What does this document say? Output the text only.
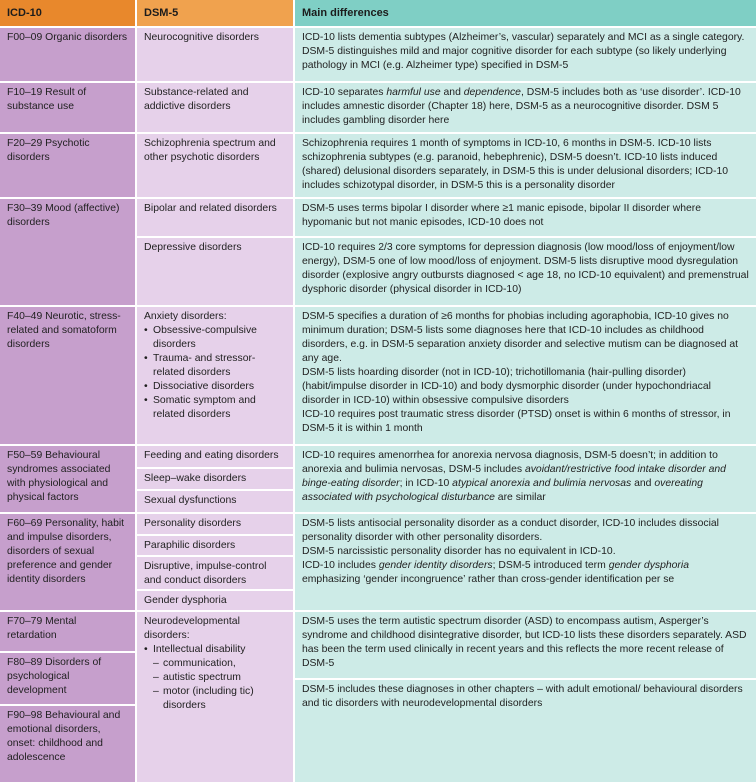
ICD-10	DSM-5	Main differences

F00–09 Organic disorders

F10–19 Result of substance use

F20–29 Psychotic disorders

F30–39 Mood (affective) disorders

F40–49 Neurotic, stress-related and somatoform disorders

F50–59 Behavioural syndromes associated with physiological and physical factors

F60–69 Personality, habit and impulse disorders, disorders of sexual preference and gender identity disorders

F70–79 Mental retardation

F80–89 Disorders of psychological development

F90–98 Behavioural and emotional disorders, onset: childhood and adolescence

Neurocognitive disorders

Substance-related and addictive disorders

Schizophrenia spectrum and other psychotic disorders

Bipolar and related disorders

Depressive disorders

Anxiety disorders:

• Obsessive-compulsive disorders
• Trauma- and stressor-related disorders
• Dissociative disorders
• Somatic symptom and related disorders

Feeding and eating disorders

Sleep–wake disorders

Sexual dysfunctions

Personality disorders

Paraphilic disorders

Disruptive, impulse-control and conduct disorders

Gender dysphoria

Neurodevelopmental disorders:

• Intellectual disability
– communication,
– autistic spectrum
– motor (including tic) disorders

ICD-10 lists dementia subtypes (Alzheimer’s, vascular) separately and MCI as a single category. DSM-5 distinguishes mild and major cognitive disorder for each subtype (so likely underlying pathology in MCI (e.g. Alzheimer type) specified in DSM-5

ICD-10 separates harmful use and dependence, DSM-5 includes both as ‘use disorder’. ICD-10 includes amnestic disorder (Chapter 18) here, DSM-5 as a neurocognitive disorder. DSM 5 includes gambling disorder here

Schizophrenia requires 1 month of symptoms in ICD-10, 6 months in DSM-5. ICD-10 lists schizophrenia subtypes (e.g. paranoid, hebephrenic), DSM-5 doesn’t. ICD-10 lists induced (shared) delusional disorders separately, in DSM-5 this is under delusional disorders; ICD-10 includes schizotypal disorder, in DSM-5 this is a personality disorder

DSM-5 uses terms bipolar I disorder where ≥1 manic episode, bipolar II disorder where hypomanic but not manic episodes, ICD-10 does not

ICD-10 requires 2/3 core symptoms for depression diagnosis (low mood/loss of enjoyment/low energy), DSM-5 one of low mood/loss of enjoyment. DSM-5 lists disruptive mood dysregulation disorder (explosive angry outbursts diagnosed < age 18, no ICD-10 equivalent) and premenstrual dysphoric disorder (physical disorder in ICD-10)

DSM-5 specifies a duration of ≥6 months for phobias including agoraphobia, ICD-10 gives no minimum duration; DSM-5 lists some diagnoses here that ICD-10 includes as childhood disorders, e.g. in DSM-5 separation anxiety disorder and selective mutism can be diagnosed at any age.

DSM-5 lists hoarding disorder (not in ICD-10); trichotillomania (hair-pulling disorder) (habit/impulse disorder in ICD-10) and body dysmorphic disorder (under hypochondriacal disorder in ICD-10) within obsessive compulsive disorders

ICD-10 requires post traumatic stress disorder (PTSD) onset is within 6 months of stressor, in DSM-5 it is within 1 month

ICD-10 requires amenorrhea for anorexia nervosa diagnosis, DSM-5 doesn’t; in addition to anorexia and bulimia nervosas, DSM-5 includes avoidant/restrictive food intake disorder and binge-eating disorder; in ICD-10 atypical anorexia and bulimia nervosas and overeating associated with psychological disturbance are similar

DSM-5 lists antisocial personality disorder as a conduct disorder, ICD-10 includes dissocial personality disorder with other personality disorders.

DSM-5 narcissistic personality disorder has no equivalent in ICD-10.

ICD-10 includes gender identity disorders; DSM-5 introduced term gender dysphoria emphasizing ‘gender incongruence’ rather than cross-gender identification per se

DSM-5 uses the term autistic spectrum disorder (ASD) to encompass autism, Asperger’s syndrome and childhood disintegrative disorder, but ICD-10 lists these disorders separately. ASD has been the term used clinically in recent years and this reflects the more recent release of DSM-5

DSM-5 includes these diagnoses in other chapters – with adult emotional/ behavioural disorders and tic disorders with neurodevelopmental disorders
